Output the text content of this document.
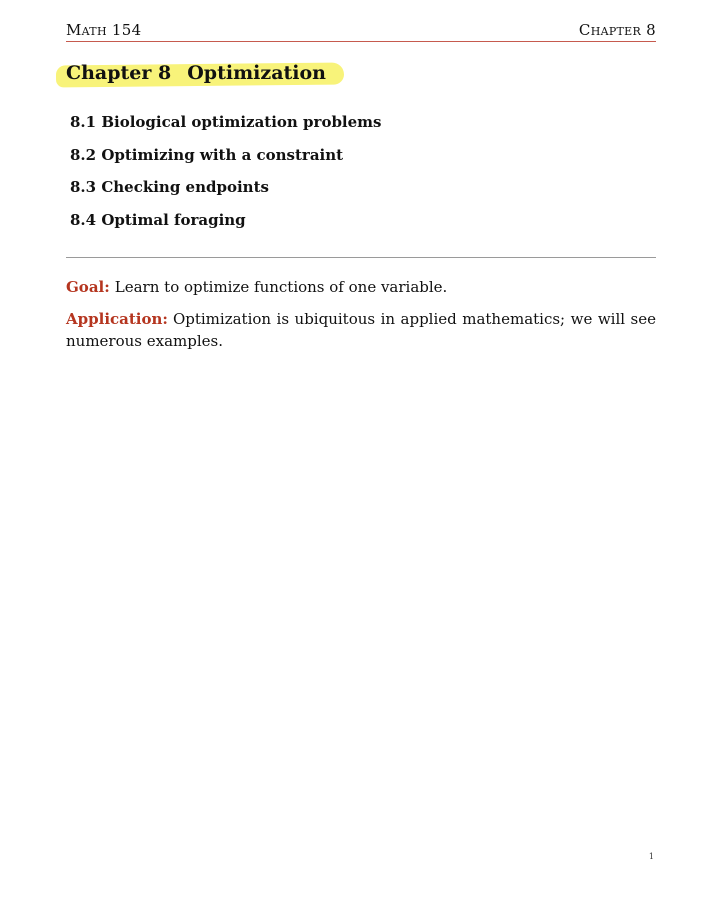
Math 154	Chapter 8
Chapter 8 Optimization
8.1 Biological optimization problems
8.2 Optimizing with a constraint
8.3 Checking endpoints
8.4 Optimal foraging

Goal: Learn to optimize functions of one variable.

Application: Optimization is ubiquitous in applied mathematics; we will see numerous examples.

1
